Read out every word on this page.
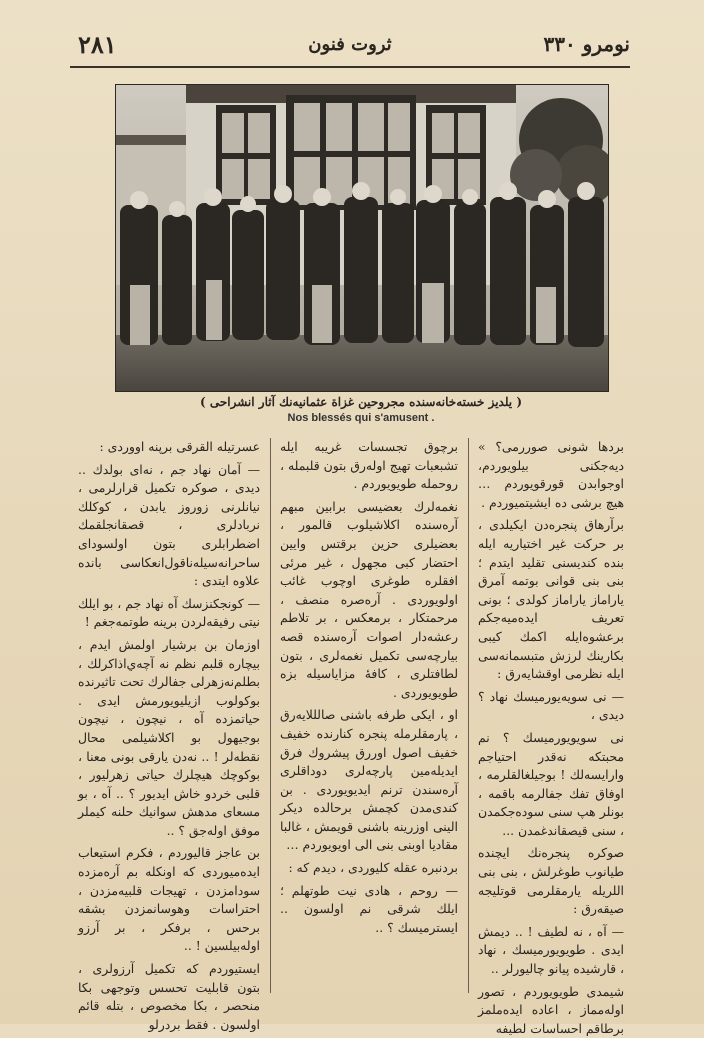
٢٨١	ثروت فنون	نومرو ٣٣٠
( يلديز خسته‌خانه‌سنده مجروحين غزاة عثمانيه‌نك آثار انشراحى )
Nos blessés qui s'amusent .

بردها شونى صوررمى؟ » ديه‌جكنى بيلويوردم، اوجوابدن قورقويوردم … هيچ برشى ده ايشيتميوردم .

برآرهاق پنجره‌دن ايكيلدى ، بر حركت غير اختياريه ايله بنده كنديسنى تقليد ايتدم ؛ بنى بنى قوانى بوتمه آمرق ياراماز ياراماز كولدى ؛ بونى تعريف ايده‌ميه‌جكم برعشوه‌ايله اكمك كيبى بكارينك لرزش متبسمانه‌سى ايله نظرمى اوقشايه‌رق :

— نى سويه‌يورميسك نهاد ؟ ديدى ،

نى سويويورميسك ؟ نم محبتكه نه‌قدر احتياجم وارايسه‌لك ! بوجيلغالقلرمه ، اوفاق تفك جفالرمه باقمه ، بونلر هپ سنى سوده‌جكمدن ، سنى قيصقاندغمدن ...

صوكره پنجره‌نك ايچنده طيانوب طوغرلش ، بنى بنى اللريله يارمقلرمى قوتليجه صيقه‌رق :

— آه ، نه لطيف ! .. ديمش ايدى . طويويورميسك ، نهاد ، قارشيده پيانو چاليورلر ..

شيمدى طويويوردم ، تصور اوله‌مماز ، اعاده ايده‌ملمز برطاقم احساسات لطيفه

برچوق تجسسات غريبه ايله تشبعبات تهيج اوله‌رق بتون قلبمله ، روحمله طويويوردم .

نغمه‌لرك بعضيسى برابين مبهم آره‌سنده اكلاشيلوب قالمور ، بعضيلرى حزين برقتس وايين احتضار كبى مجهول ، غير مرئى افقلره طوغرى اوچوب غائب اولويوردى . آره‌صره منصف ، مرحمتكار ، برمعكس ، بر تلاطم رعشه‌دار اصوات آره‌سنده قصه بيارچه‌سى تكميل نغمه‌لرى ، بتون لطافتلرى ، كافهٔ مزاياسيله بزه طويويوردى .

او ، ايكى طرفه باشنى صالللايه‌رق ، پارمقلرمله پنجره كنارنده خفيف خفيف اصول اوررق پيشروك فرق ايديله‌مين پارچه‌لرى دوداقلرى آره‌سندن ترنم ايديويوردى . بن كندى‌مدن كچمش برحالده ديكر الينى اوزرينه باشنى قويمش ، غالبا مقاديا اوبنى بنى الى اويويوردم …

بردنبره عقله كليوردى ، ديدم كه :

— روحم ، هادى نيت طوتهلم ؛ ايلك شرقى نم اولسون .. ايسترميسك ؟ ..

عسرتيله القرقى برپنه اووردى :

— آمان نهاد جم ، نه‌اى بولدك .. ديدى ، صوكره تكميل قرارلرمى ، نيانلرنى زوروز يابدن ، كوكلك نربادلرى ، قصقانجلقمك اضطرابلرى بتون اولسوداى ساحرانه‌سيله‌ناقول‌انعكاسى بانده علاوه ايتدى :

— كونجكنزسك آه نهاد جم ، بو ايلك نيتى رفيقه‌لردن برينه طوتمه‌جغم !

اوزمان بن برشيار اولمش ايدم ، بيچاره قلبم نظم نه آچه‌ي‌اذاكرلك ، بطلم‌نه‌زهرلى جفالرك تحت تاثيرنده بوكولوب ازيليويورمش ايدى . حياتمزده آه ، نيچون ، نيچون بوجيهول بو اكلاشيلمى محال نقطه‌لر ! .. نه‌دن يارقى بونى معنا ، بوكوچك هيچلرك حياتى زهرليور ، قلبى خردو خاش ايديور ؟ .. آه ، بو مسعاى مدهش سوانيك حلنه كيملر موفق اوله‌جق ؟ ..

بن عاجز قاليوردم ، فكرم استيعاب ايده‌ميوردى كه اونكله بم آره‌مزده سودامزدن ، تهيجات قلبيه‌مزدن ، احتراسات وهوسانمزدن بشقه برحس ، برفكر ، بر آرزو اوله‌بيلسين ! ..

ايستيوردم كه تكميل آرزولرى ، بتون قابليت تحسس وتوجهى بكا منحصر ، بكا مخصوص ، بتله قائم اولسون . فقط بردرلو
